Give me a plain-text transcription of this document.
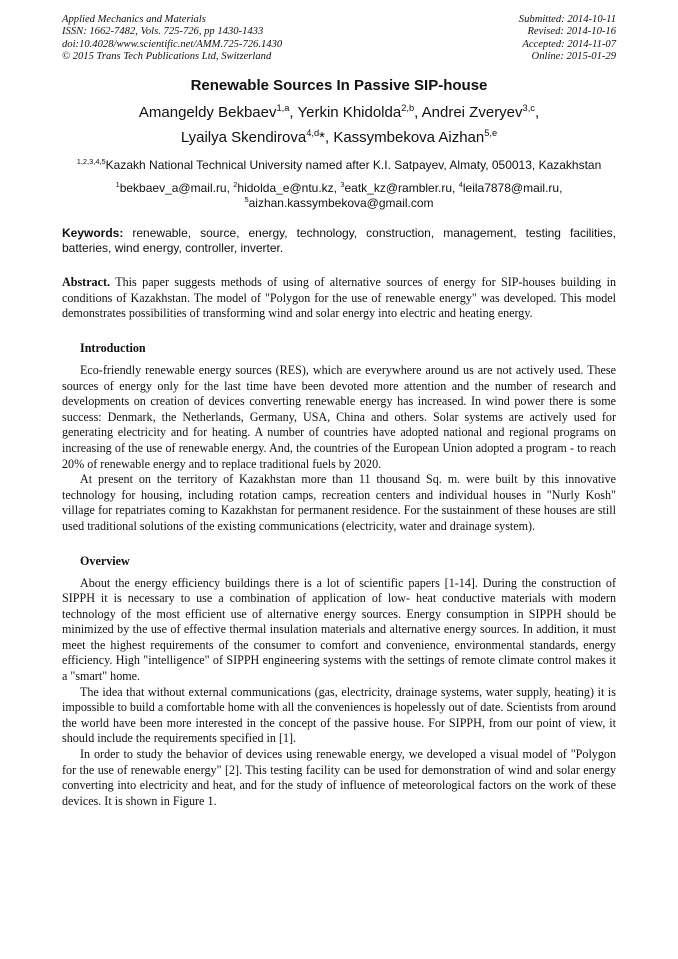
Applied Mechanics and Materials
ISSN: 1662-7482, Vols. 725-726, pp 1430-1433
doi:10.4028/www.scientific.net/AMM.725-726.1430
© 2015 Trans Tech Publications Ltd, Switzerland
Submitted: 2014-10-11
Revised: 2014-10-16
Accepted: 2014-11-07
Online: 2015-01-29
Renewable Sources In Passive SIP-house
Amangeldy Bekbaev$^{1,a}$, Yerkin Khidolda$^{2,b}$, Andrei Zveryev$^{3,c}$,
Lyailya Skendirova$^{4,d}$*, Kassymbekova Aizhan$^{5,e}$
$^{1,2,3,4,5}$Kazakh National Technical University named after K.I. Satpayev, Almaty, 050013, Kazakhstan
$^1$bekbaev_a@mail.ru, $^2$hidolda_e@ntu.kz, $^3$eatk_kz@rambler.ru, $^4$leila7878@mail.ru,
$^5$aizhan.kassymbekova@gmail.com
Keywords: renewable, source, energy, technology, construction, management, testing facilities, batteries, wind energy, controller, inverter.
Abstract. This paper suggests methods of using of alternative sources of energy for SIP-houses building in conditions of Kazakhstan. The model of "Polygon for the use of renewable energy" was developed. This model demonstrates possibilities of transforming wind and solar energy into electric and heating energy.
Introduction

Eco-friendly renewable energy sources (RES), which are everywhere around us are not actively used. These sources of energy only for the last time have been devoted more attention and the number of research and developments on creation of devices converting renewable energy has increased. In wind power there is some success: Denmark, the Netherlands, Germany, USA, China and others. Solar systems are actively used for generating electricity and for heating. A number of countries have adopted national and regional programs on increasing of the use of renewable energy. And, the countries of the European Union adopted a program - to reach 20% of renewable energy and to replace traditional fuels by 2020.

At present on the territory of Kazakhstan more than 11 thousand Sq. m. were built by this innovative technology for housing, including rotation camps, recreation centers and individual houses in "Nurly Kosh" village for repatriates coming to Kazakhstan for permanent residence. For the sustainment of these houses are still used traditional solutions of the existing communications (electricity, water and drainage system).

Overview

About the energy efficiency buildings there is a lot of scientific papers [1-14]. During the construction of SIPPH it is necessary to use a combination of application of low- heat conductive materials with modern technology of the most efficient use of alternative energy sources. Energy consumption in SIPPH should be minimized by the use of effective thermal insulation materials and alternative energy sources. In addition, it must meet the highest requirements of the consumer to comfort and convenience, environmental standards, energy efficiency. High "intelligence" of SIPPH engineering systems with the settings of remote climate control makes it a "smart" home.

The idea that without external communications (gas, electricity, drainage systems, water supply, heating) it is impossible to build a comfortable home with all the conveniences is hopelessly out of date. Scientists from around the world have been more interested in the concept of the passive house. For SIPPH, from our point of view, it should include the requirements specified in [1].

In order to study the behavior of devices using renewable energy, we developed a visual model of "Polygon for the use of renewable energy" [2]. This testing facility can be used for demonstration of wind and solar energy converting into electricity and heat, and for the study of influence of meteorological factors on the work of these devices. It is shown in Figure 1.
